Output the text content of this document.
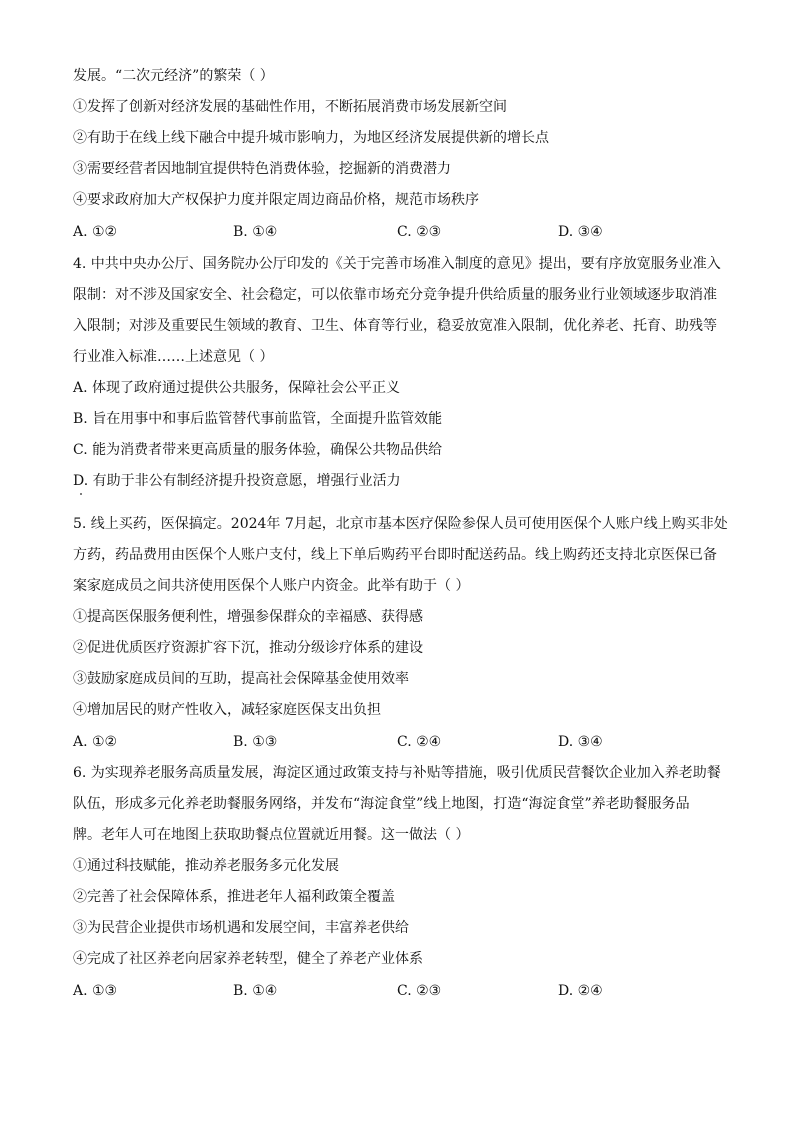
发展。“二次元经济”的繁荣（ ）
①发挥了创新对经济发展的基础性作用，不断拓展消费市场发展新空间
②有助于在线上线下融合中提升城市影响力，为地区经济发展提供新的增长点
③需要经营者因地制宜提供特色消费体验，挖掘新的消费潜力
④要求政府加大产权保护力度并限定周边商品价格，规范市场秩序
A. ①②	B. ①④	C. ②③	D. ③④
4. 中共中央办公厅、国务院办公厅印发的《关于完善市场准入制度的意见》提出，要有序放宽服务业准入
限制：对不涉及国家安全、社会稳定，可以依靠市场充分竞争提升供给质量的服务业行业领域逐步取消准
入限制；对涉及重要民生领域的教育、卫生、体育等行业，稳妥放宽准入限制，优化养老、托育、助残等
行业准入标准……上述意见（ ）
A. 体现了政府通过提供公共服务，保障社会公平正义
B. 旨在用事中和事后监管替代事前监管，全面提升监管效能
C. 能为消费者带来更高质量的服务体验，确保公共物品供给
D. 有助于非公有制经济提升投资意愿，增强行业活力
5. 线上买药，医保搞定。2024年 7月起，北京市基本医疗保险参保人员可使用医保个人账户线上购买非处
方药，药品费用由医保个人账户支付，线上下单后购药平台即时配送药品。线上购药还支持北京医保已备
案家庭成员之间共济使用医保个人账户内资金。此举有助于（ ）
①提高医保服务便利性，增强参保群众的幸福感、获得感
②促进优质医疗资源扩容下沉，推动分级诊疗体系的建设
③鼓励家庭成员间的互助，提高社会保障基金使用效率
④增加居民的财产性收入，减轻家庭医保支出负担
A. ①②	B. ①③	C. ②④	D. ③④
6. 为实现养老服务高质量发展，海淀区通过政策支持与补贴等措施，吸引优质民营餐饮企业加入养老助餐
队伍，形成多元化养老助餐服务网络，并发布“海淀食堂”线上地图，打造“海淀食堂”养老助餐服务品
牌。老年人可在地图上获取助餐点位置就近用餐。这一做法（ ）
①通过科技赋能，推动养老服务多元化发展
②完善了社会保障体系，推进老年人福利政策全覆盖
③为民营企业提供市场机遇和发展空间，丰富养老供给
④完成了社区养老向居家养老转型，健全了养老产业体系
A. ①③	B. ①④	C. ②③	D. ②④
